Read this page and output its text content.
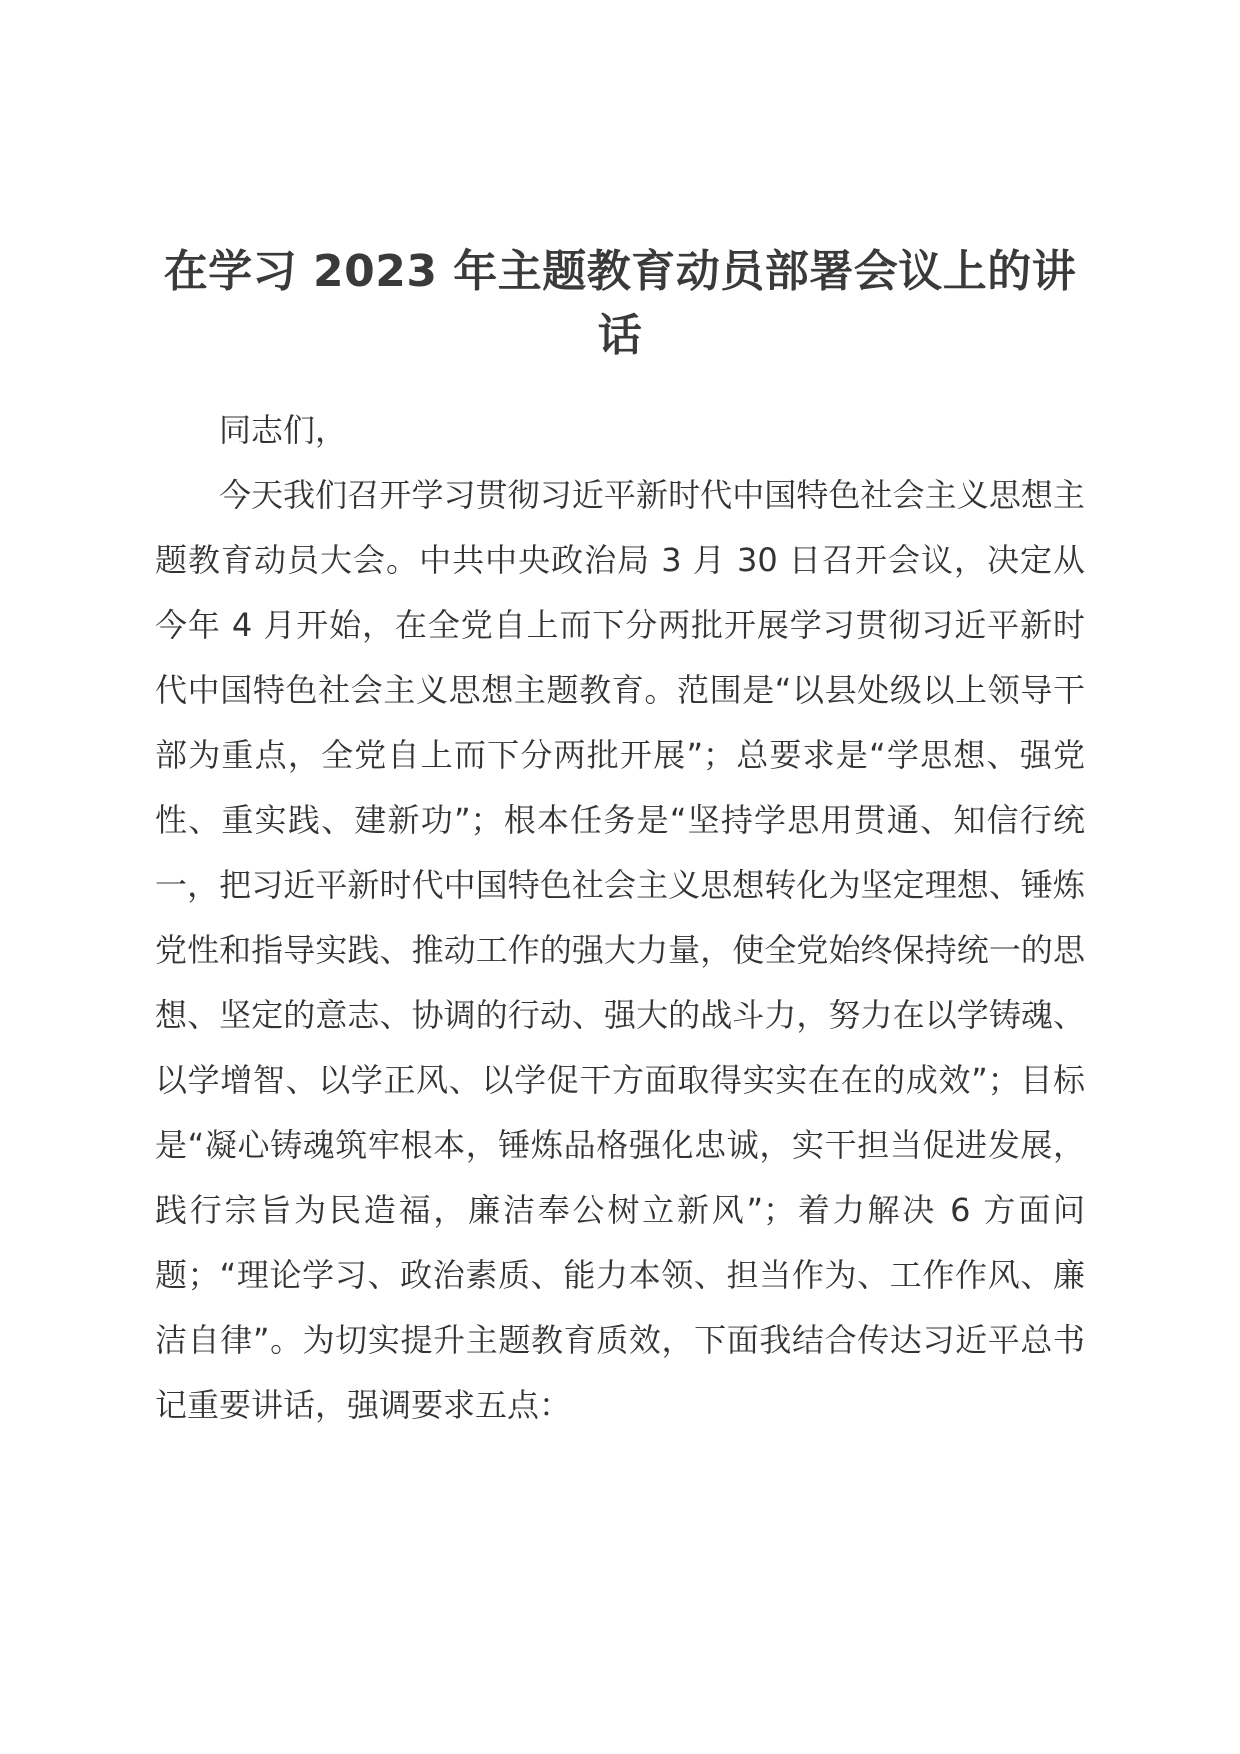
在学习 2023 年主题教育动员部署会议上的讲话

同志们，

今天我们召开学习贯彻习近平新时代中国特色社会主义思想主题教育动员大会。中共中央政治局 3 月 30 日召开会议，决定从今年 4 月开始，在全党自上而下分两批开展学习贯彻习近平新时代中国特色社会主义思想主题教育。范围是“以县处级以上领导干部为重点，全党自上而下分两批开展”；总要求是“学思想、强党性、重实践、建新功”；根本任务是“坚持学思用贯通、知信行统一，把习近平新时代中国特色社会主义思想转化为坚定理想、锤炼党性和指导实践、推动工作的强大力量，使全党始终保持统一的思想、坚定的意志、协调的行动、强大的战斗力，努力在以学铸魂、以学增智、以学正风、以学促干方面取得实实在在的成效”；目标是“凝心铸魂筑牢根本，锤炼品格强化忠诚，实干担当促进发展，践行宗旨为民造福，廉洁奉公树立新风”；着力解决 6 方面问题；“理论学习、政治素质、能力本领、担当作为、工作作风、廉洁自律”。为切实提升主题教育质效，下面我结合传达习近平总书记重要讲话，强调要求五点：
